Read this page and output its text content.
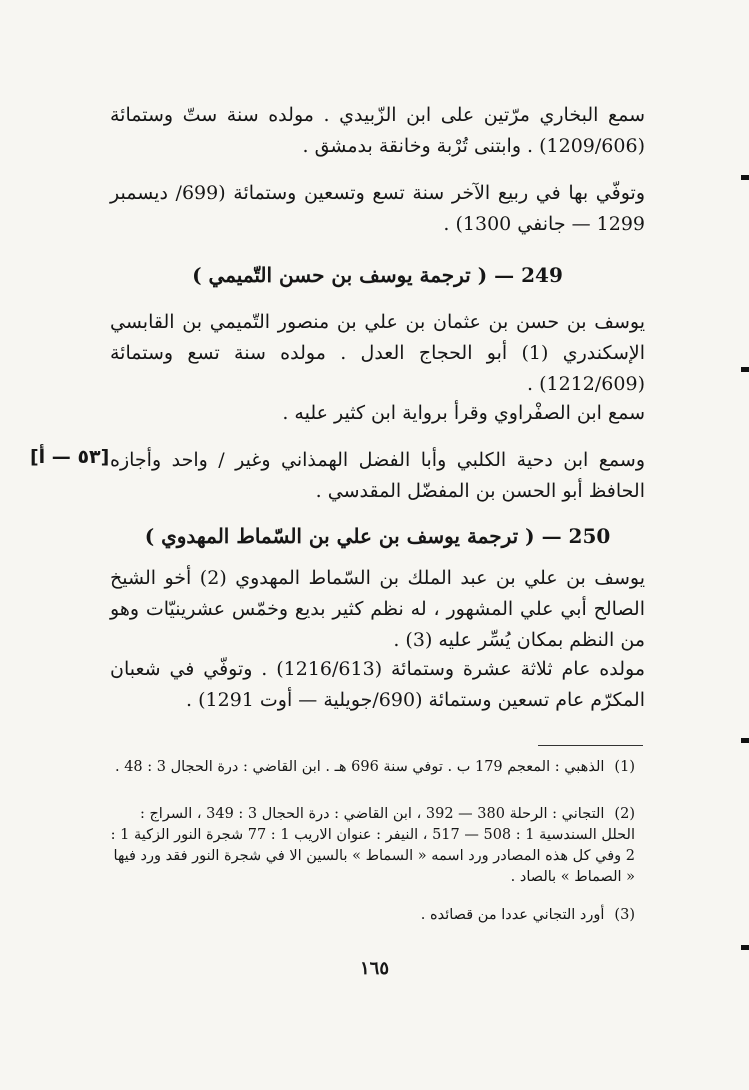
سمع البخاري مرّتين على ابن الزّبيدي . مولده سنة ستّ وستمائة (1209/606) . وابتنى تُرْبة وخانقة بدمشق .
وتوفّي بها في ربيع الآخر سنة تسع وتسعين وستمائة (699/ ديسمبر 1299 — جانفي 1300) .
249 — ( ترجمة يوسف بن حسن التّميمي )
يوسف بن حسن بن عثمان بن علي بن منصور التّميمي بن القابسي الإسكندري (1) أبو الحجاج العدل . مولده سنة تسع وستمائة (1212/609) .
سمع ابن الصفْراوي وقرأ برواية ابن كثير عليه .
وسمع ابن دحية الكلبي وأبا الفضل الهمذاني وغير / واحد وأجازه الحافظ أبو الحسن بن المفضّل المقدسي .
[٥٣ — أ]
250 — ( ترجمة يوسف بن علي بن السّماط المهدوي )
يوسف بن علي بن عبد الملك بن السّماط المهدوي (2) أخو الشيخ الصالح أبي علي المشهور ، له نظم كثير بديع وخمّس عشرينيّات وهو من النظم بمكان يُسِّر عليه (3) .
مولده عام ثلاثة عشرة وستمائة (1216/613) . وتوفّي في شعبان المكرّم عام تسعين وستمائة (690/جويلية — أوت 1291) .
(1) الذهبي : المعجم 179 ب . توفي سنة 696 هـ . ابن القاضي : درة الحجال 3 : 48 .
(2) التجاني : الرحلة 380 — 392 ، ابن القاضي : درة الحجال 3 : 349 ، السراج : الحلل السندسية 1 : 508 — 517 ، النيفر : عنوان الاريب 1 : 77 شجرة النور الزكية 1 : 2 وفي كل هذه المصادر ورد اسمه « السماط » بالسين الا في شجرة النور فقد ورد فيها « الصماط » بالصاد .
(3) أورد التجاني عددا من قصائده .
١٦٥
